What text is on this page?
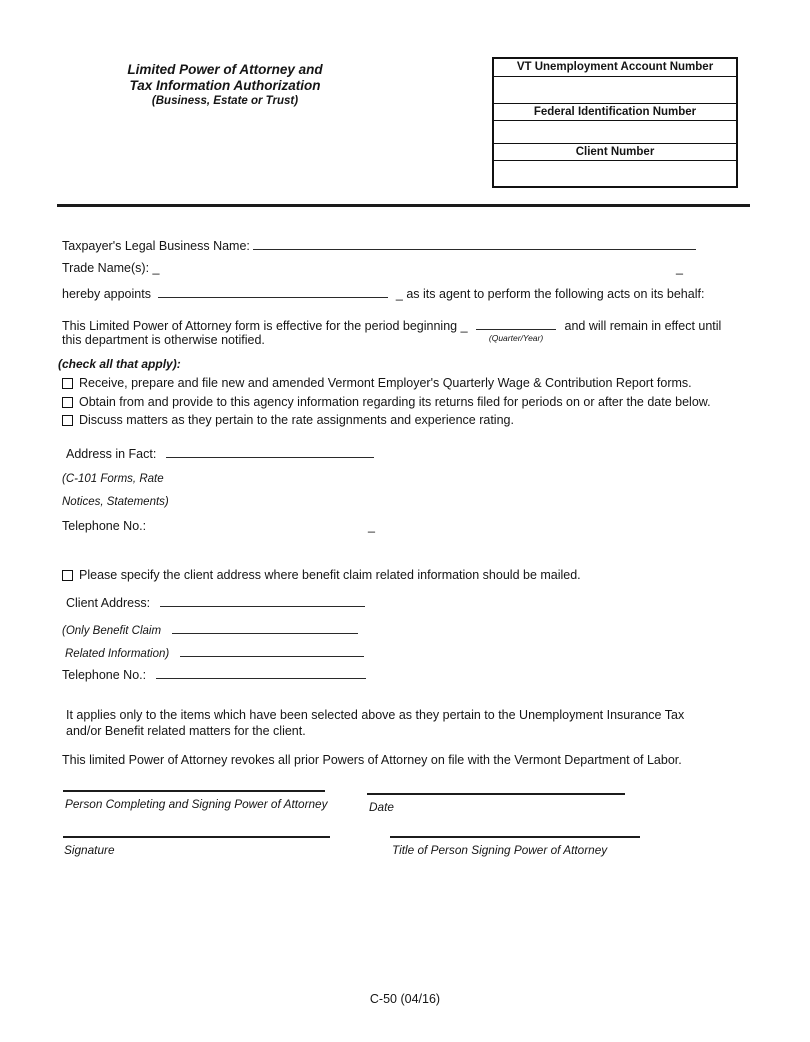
Limited Power of Attorney and
Tax Information Authorization
(Business, Estate or Trust)
VT Unemployment Account Number
Federal Identification Number
Client Number
Taxpayer's Legal Business Name:
Trade Name(s): _	_
hereby appoints	_ as its agent to perform the following acts on its behalf:
This Limited Power of Attorney form is effective for the period beginning _
(Quarter/Year)
and will remain in effect until
this department is otherwise notified.
(check all that apply):
Receive, prepare and file new and amended Vermont Employer's Quarterly Wage & Contribution Report forms.
Obtain from and provide to this agency information regarding its returns filed for periods on or after the date below.
Discuss matters as they pertain to the rate assignments and experience rating.
Address in Fact:
(C-101 Forms, Rate
Notices, Statements)
Telephone No.:	_
Please specify the client address where benefit claim related information should be mailed.
Client Address:
(Only Benefit Claim
Related Information)
Telephone No.:
It applies only to the items which have been selected above as they pertain to the Unemployment Insurance Tax and/or Benefit related matters for the client.
This limited Power of Attorney revokes all prior Powers of Attorney on file with the Vermont Department of Labor.
Person Completing and Signing Power of Attorney	Date
Signature	Title of Person Signing Power of Attorney
C-50 (04/16)
